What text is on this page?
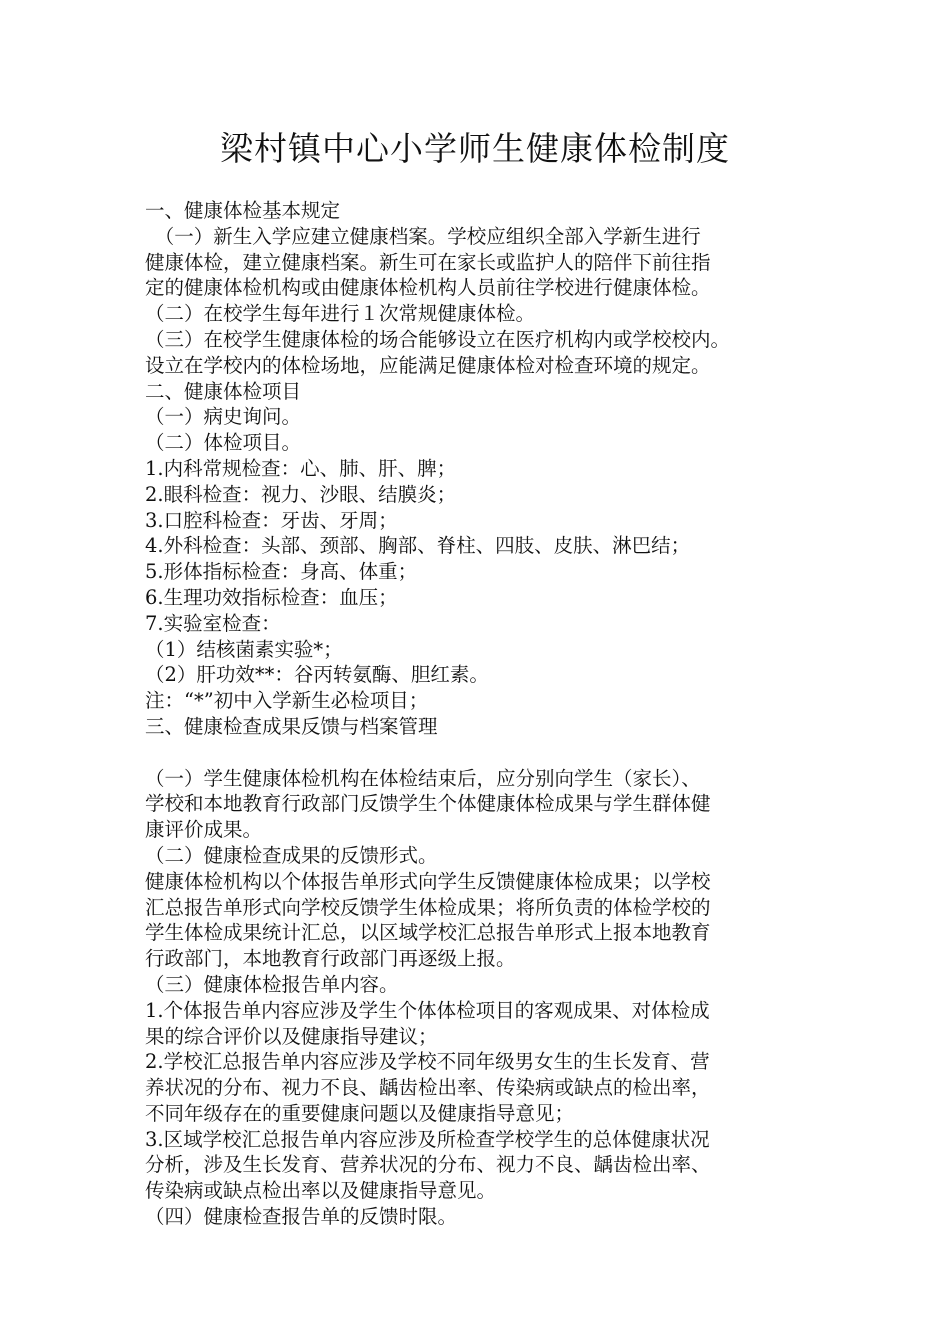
梁村镇中心小学师生健康体检制度
一、健康体检基本规定
　（一）新生入学应建立健康档案。学校应组织全部入学新生进行
健康体检，建立健康档案。新生可在家长或监护人的陪伴下前往指
定的健康体检机构或由健康体检机构人员前往学校进行健康体检。
（二）在校学生每年进行１次常规健康体检。
（三）在校学生健康体检的场合能够设立在医疗机构内或学校校内。
设立在学校内的体检场地，应能满足健康体检对检查环境的规定。
二、健康体检项目
（一）病史询问。
（二）体检项目。
1.内科常规检查：心、肺、肝、脾；
2.眼科检查：视力、沙眼、结膜炎；
3.口腔科检查：牙齿、牙周；
4.外科检查：头部、颈部、胸部、脊柱、四肢、皮肤、淋巴结；
5.形体指标检查：身高、体重；
6.生理功效指标检查：血压；
7.实验室检查：
（1）结核菌素实验*；
（2）肝功效**：谷丙转氨酶、胆红素。
注：“*”初中入学新生必检项目；
三、健康检查成果反馈与档案管理
（一）学生健康体检机构在体检结束后，应分别向学生（家长）、
学校和本地教育行政部门反馈学生个体健康体检成果与学生群体健
康评价成果。
（二）健康检查成果的反馈形式。
健康体检机构以个体报告单形式向学生反馈健康体检成果；以学校
汇总报告单形式向学校反馈学生体检成果；将所负责的体检学校的
学生体检成果统计汇总，以区域学校汇总报告单形式上报本地教育
行政部门，本地教育行政部门再逐级上报。
（三）健康体检报告单内容。
1.个体报告单内容应涉及学生个体体检项目的客观成果、对体检成
果的综合评价以及健康指导建议；
2.学校汇总报告单内容应涉及学校不同年级男女生的生长发育、营
养状况的分布、视力不良、龋齿检出率、传染病或缺点的检出率，
不同年级存在的重要健康问题以及健康指导意见；
3.区域学校汇总报告单内容应涉及所检查学校学生的总体健康状况
分析，涉及生长发育、营养状况的分布、视力不良、龋齿检出率、
传染病或缺点检出率以及健康指导意见。
（四）健康检查报告单的反馈时限。
